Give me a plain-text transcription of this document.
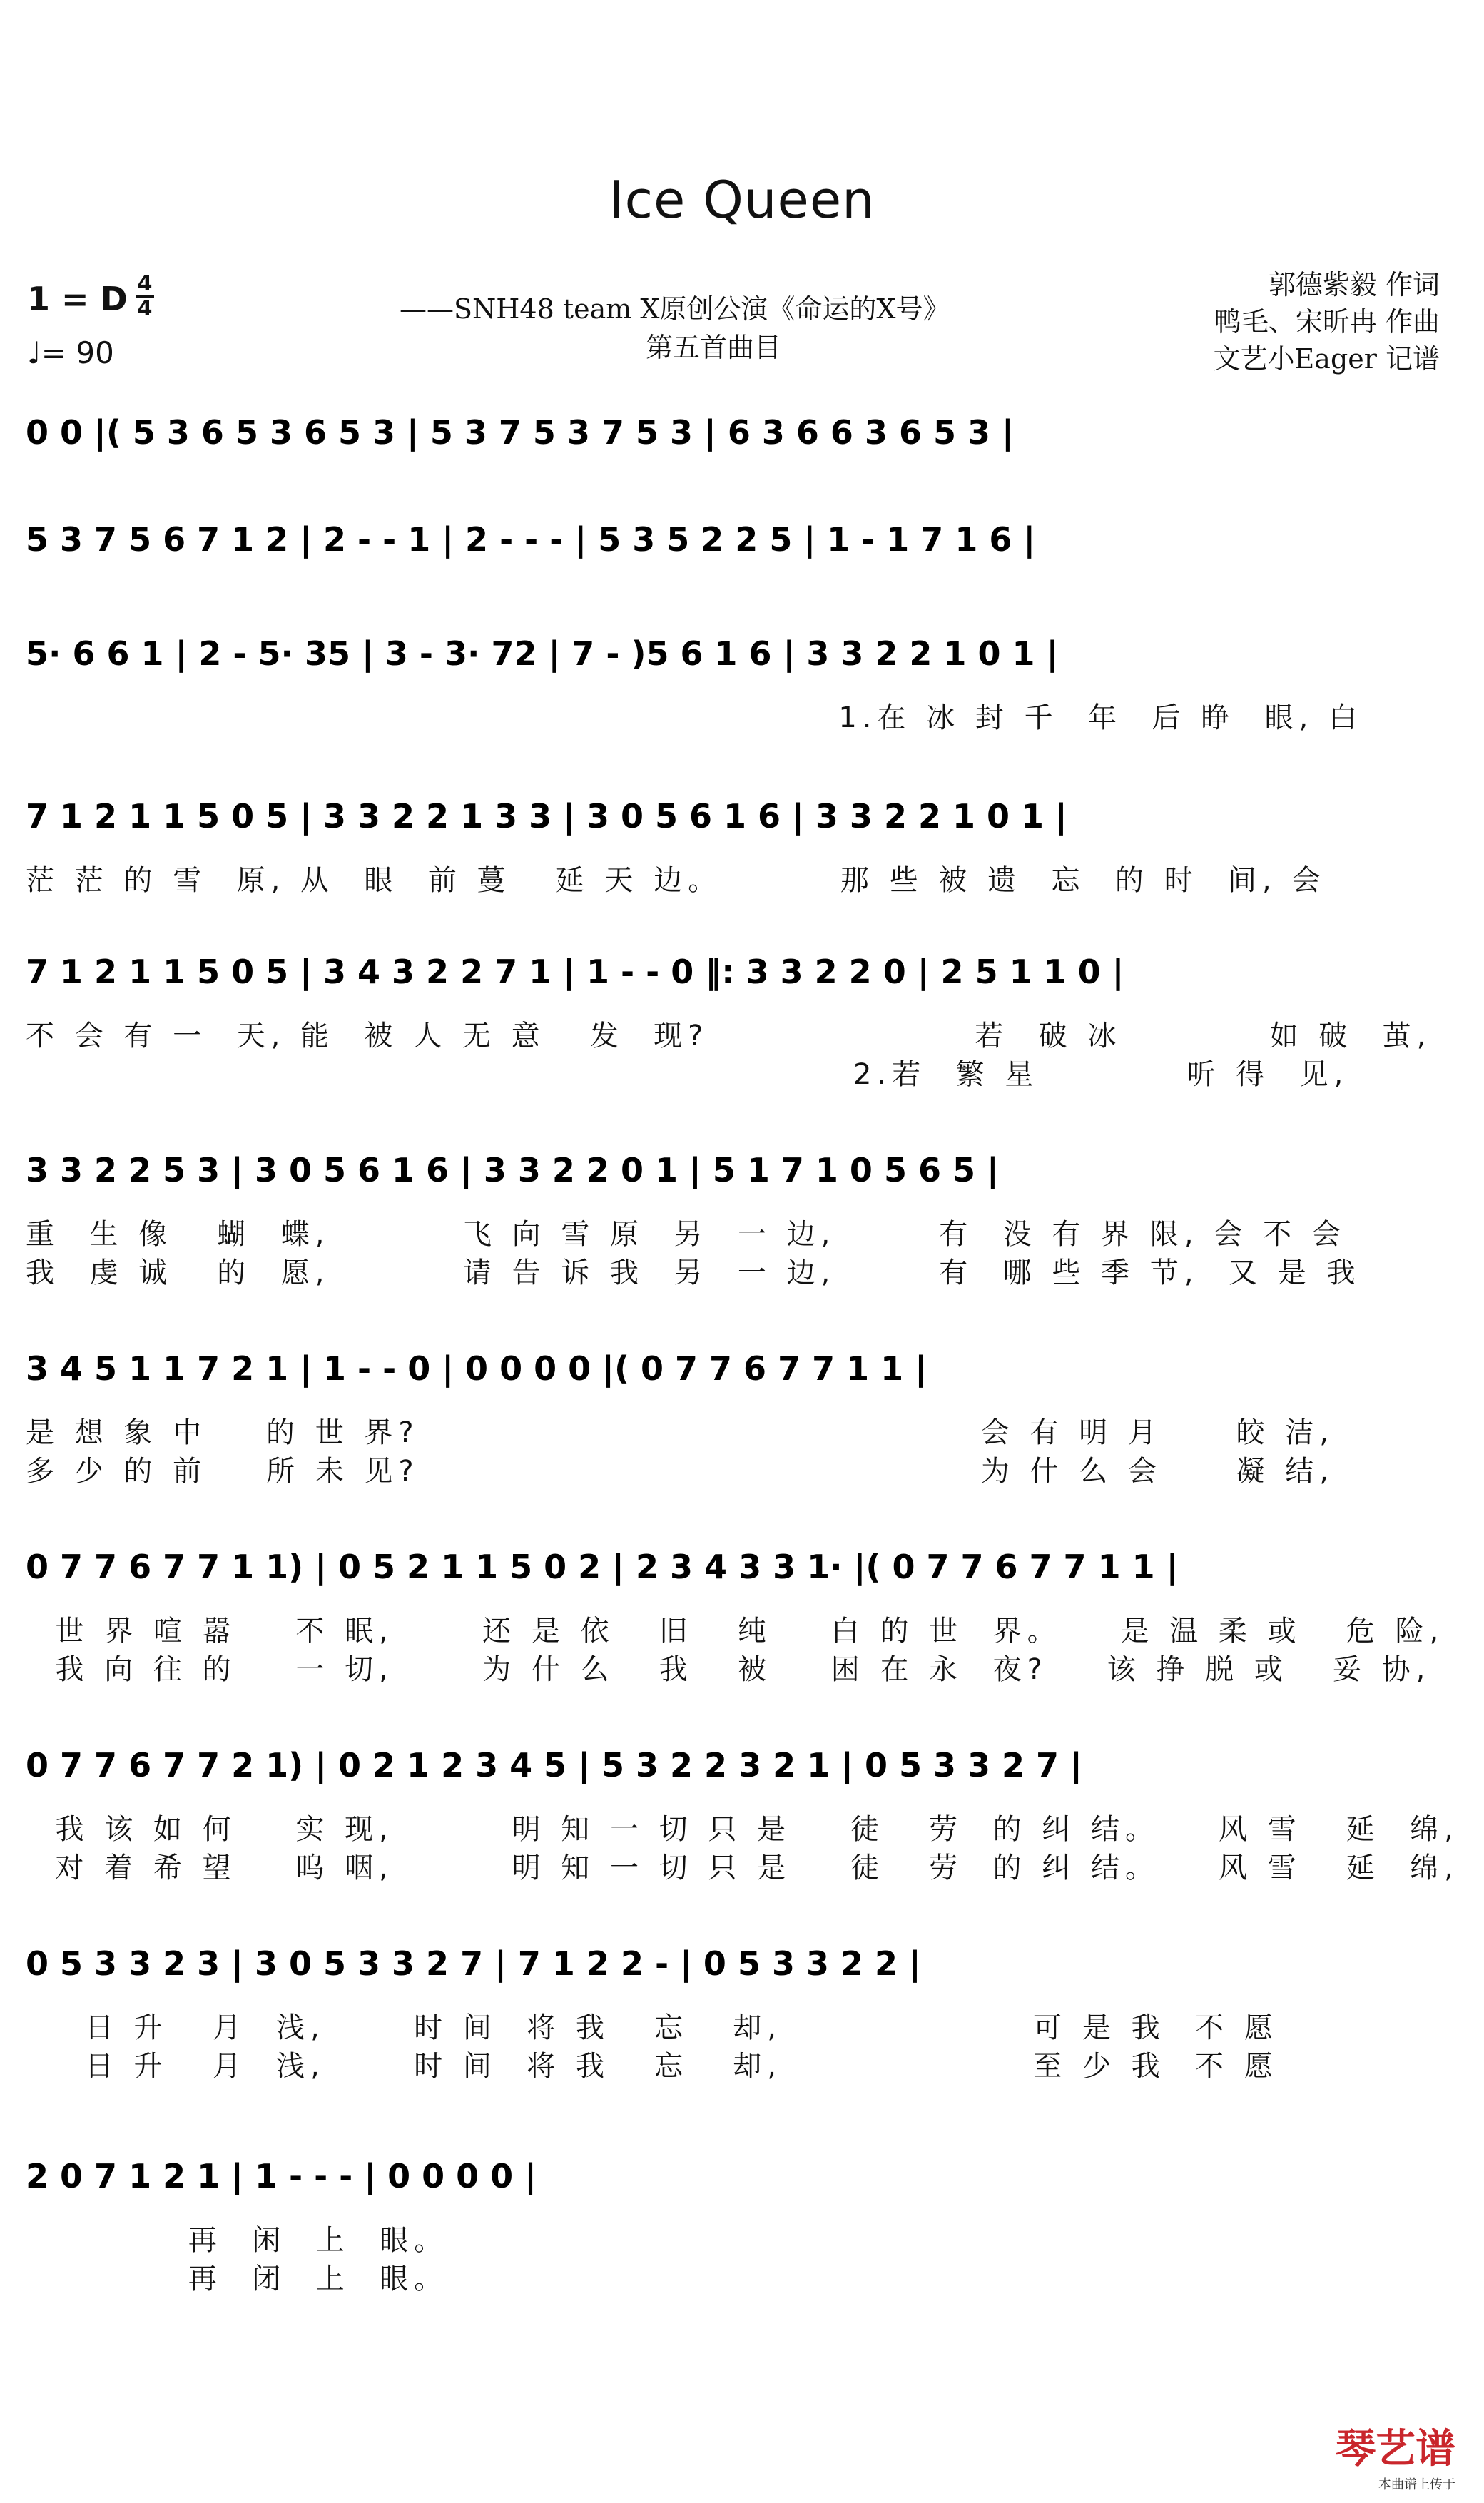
Ice Queen
1 = D 4
4
♩= 90
——SNH48 team X原创公演《命运的X号》
第五首曲目
郭德紫毅 作词
鸭毛、宋昕冉 作曲
文艺小Eager 记谱
0 0 |( 5 3 6 5 3 6 5 3 | 5 3 7 5 3 7 5 3 | 6 3 6 6 3 6 5 3 |
5 3 7 5 6 7 1 2 | 2 - - 1 | 2 - - - | 5 3 5 2 2 5 | 1 - 1 7 1 6 |
5· 6 6 1 | 2 - 5· 35 | 3 - 3· 72 | 7 - )5 6 1 6 | 3 3 2 2 1 0 1 |
1.在 冰 封 千  年  后 睁  眼, 白
7 1 2 1 1 5 0 5 | 3 3 2 2 1 3 3 | 3 0 5 6 1 6 | 3 3 2 2 1 0 1 |
茫 茫 的 雪  原, 从  眼  前 蔓   延 天 边。        那 些 被 遗  忘  的 时  间, 会
7 1 2 1 1 5 0 5 | 3 4 3 2 2 7 1 | 1 - - 0 ‖: 3 3 2 2 0 | 2 5 1 1 0 |
不 会 有 一  天, 能  被 人 无 意   发  现?                  若  破 冰          如 破  茧,
2.若  繁 星          听 得  见,
3 3 2 2 5 3 | 3 0 5 6 1 6 | 3 3 2 2 0 1 | 5 1 7 1 0 5 6 5 |
重  生 像   蝴  蝶,         飞 向 雪 原  另  一 边,       有  没 有 界 限, 会 不 会
我  虔 诚   的  愿,         请 告 诉 我  另  一 边,       有  哪 些 季 节,  又 是 我
3 4 5 1 1 7 2 1 | 1 - - 0 | 0 0 0 0 |( 0 7 7 6 7 7 1 1 |
是 想 象 中    的 世 界?                                      会 有 明 月     皎 洁,
多 少 的 前    所 未 见?                                      为 什 么 会     凝 结,
0 7 7 6 7 7 1 1) | 0 5 2 1 1 5 0 2 | 2 3 4 3 3 1· |( 0 7 7 6 7 7 1 1 |
世 界 喧 嚣    不 眠,      还 是 依   旧   纯    白 的 世  界。    是 温 柔 或   危 险,
我 向 往 的    一 切,      为 什 么   我   被    困 在 永  夜?    该 挣 脱 或   妥 协,
0 7 7 6 7 7 2 1) | 0 2 1 2 3 4 5 | 5 3 2 2 3 2 1 | 0 5 3 3 2 7 |
我 该 如 何    实 现,        明 知 一 切 只 是    徒   劳  的 纠 结。    风 雪   延  绵,
对 着 希 望    呜 咽,        明 知 一 切 只 是    徒   劳  的 纠 结。    风 雪   延  绵,
0 5 3 3 2 3 | 3 0 5 3 3 2 7 | 7 1 2 2 - | 0 5 3 3 2 2 |
日 升   月  浅,      时 间  将 我   忘   却,                 可 是 我  不 愿
日 升   月  浅,      时 间  将 我   忘   却,                 至 少 我  不 愿
2 0 7 1 2 1 | 1 - - - | 0 0 0 0 |
再  闲  上  眼。
再  闭  上  眼。
琴艺谱
本曲谱上传于
